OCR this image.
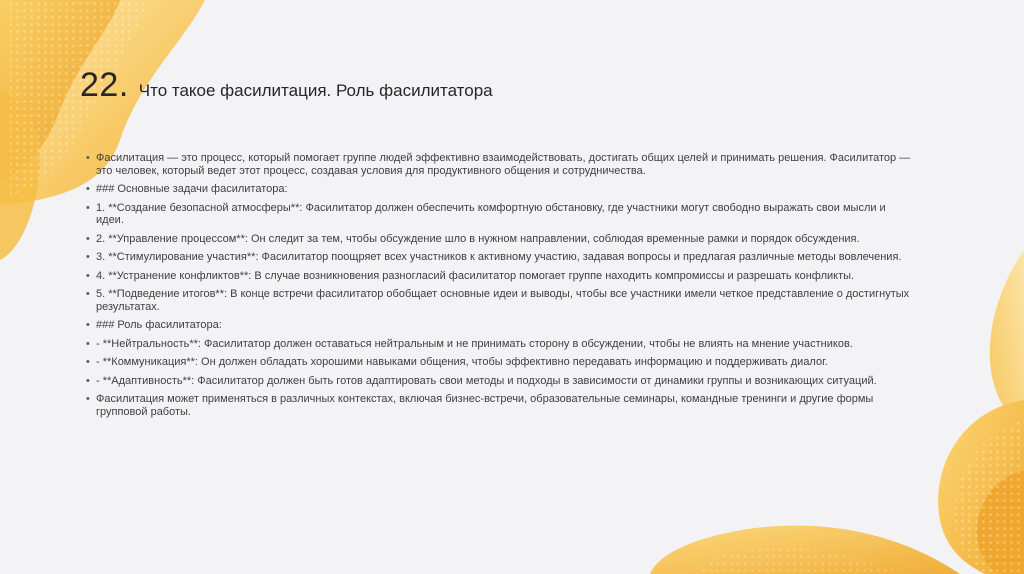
22. Что такое фасилитация. Роль фасилитатора
• Фасилитация — это процесс, который помогает группе людей эффективно взаимодействовать, достигать общих целей и принимать решения. Фасилитатор — это человек, который ведет этот процесс, создавая условия для продуктивного общения и сотрудничества.
• ### Основные задачи фасилитатора:
• 1. **Создание безопасной атмосферы**: Фасилитатор должен обеспечить комфортную обстановку, где участники могут свободно выражать свои мысли и идеи.
• 2. **Управление процессом**: Он следит за тем, чтобы обсуждение шло в нужном направлении, соблюдая временные рамки и порядок обсуждения.
• 3. **Стимулирование участия**: Фасилитатор поощряет всех участников к активному участию, задавая вопросы и предлагая различные методы вовлечения.
• 4. **Устранение конфликтов**: В случае возникновения разногласий фасилитатор помогает группе находить компромиссы и разрешать конфликты.
• 5. **Подведение итогов**: В конце встречи фасилитатор обобщает основные идеи и выводы, чтобы все участники имели четкое представление о достигнутых результатах.
• ### Роль фасилитатора:
• - **Нейтральность**: Фасилитатор должен оставаться нейтральным и не принимать сторону в обсуждении, чтобы не влиять на мнение участников.
• - **Коммуникация**: Он должен обладать хорошими навыками общения, чтобы эффективно передавать информацию и поддерживать диалог.
• - **Адаптивность**: Фасилитатор должен быть готов адаптировать свои методы и подходы в зависимости от динамики группы и возникающих ситуаций.
• Фасилитация может применяться в различных контекстах, включая бизнес-встречи, образовательные семинары, командные тренинги и другие формы групповой работы.
